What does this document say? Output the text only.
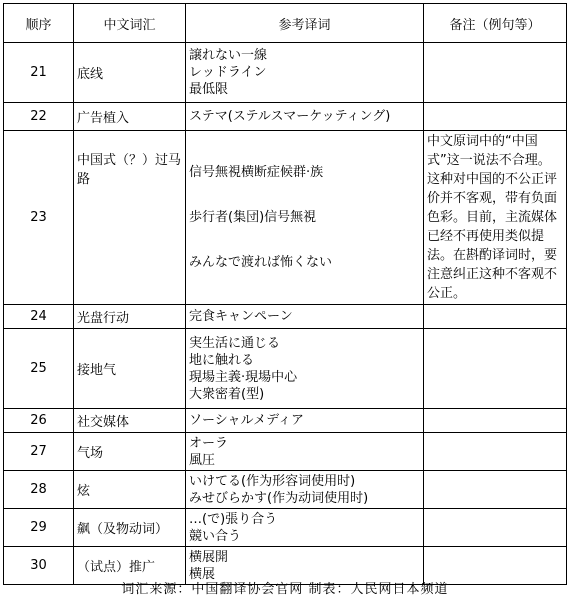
顺序	中文词汇	参考译词	备注（例句等）
21	底线	譲れない一線
レッドライン
最低限	

22	广告植入	ステマ(ステルスマーケッティング)	

23	中国式（？）过马路	信号無視横断症候群·族
歩行者(集団)信号無視
みんなで渡れば怖くない	中文原词中的“中国式”这一说法不合理。这种对中国的不公正评价并不客观，带有负面色彩。目前，主流媒体已经不再使用类似提法。在斟酌译词时，要注意纠正这种不客观不公正。
24	光盘行动	完食キャンペーン	

25	接地气	実生活に通じる
地に触れる
現場主義·現場中心
大衆密着(型)	

26	社交媒体	ソーシャルメディア	

27	气场	オーラ
風圧	

28	炫	いけてる(作为形容词使用时)
みせびらかす(作为动词使用时)	

29	飙（及物动词）	…(で)張り合う
競い合う	

30	（试点）推广	横展開
横展	

词汇来源：中国翻译协会官网 制表：人民网日本频道
